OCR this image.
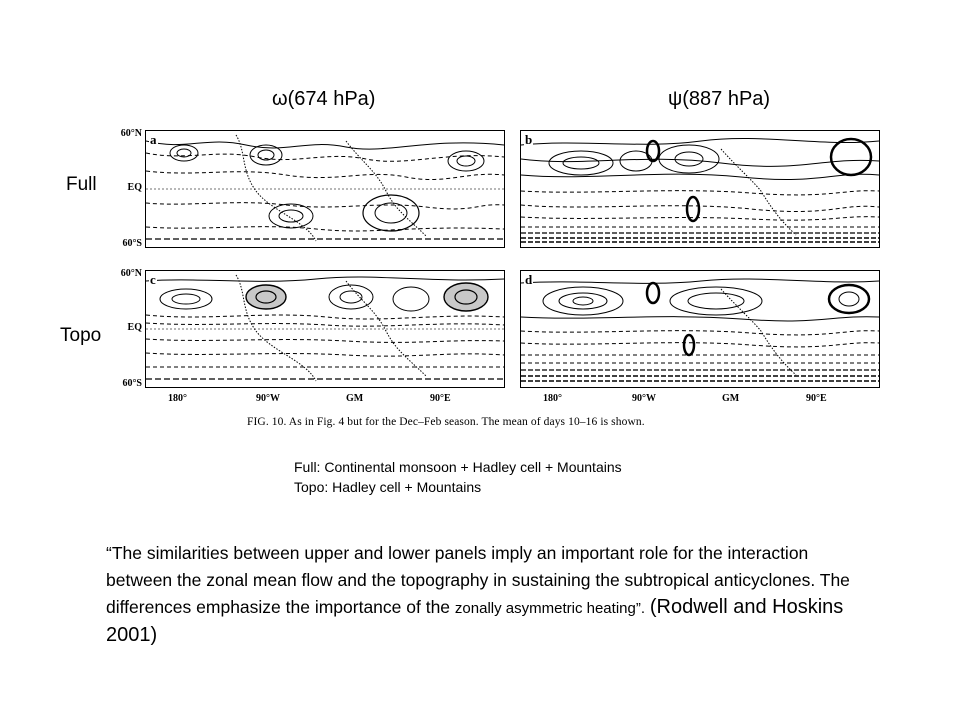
ω(674 hPa)	ψ(887 hPa)
Full
Topo
60°N
EQ
60°S
60°N
EQ
60°S
a	b
c	d
180°	90°W	GM	90°E	180°	90°W	GM	90°E
FIG. 10. As in Fig. 4 but for the Dec–Feb season. The mean of days 10–16 is shown.
Full: Continental monsoon + Hadley cell + Mountains
Topo: Hadley cell + Mountains
“The similarities between upper and lower panels imply an important role for the interaction between the zonal mean flow and the topography in sustaining the subtropical anticyclones. The differences emphasize the importance of the zonally asymmetric heating”. (Rodwell and Hoskins 2001)
